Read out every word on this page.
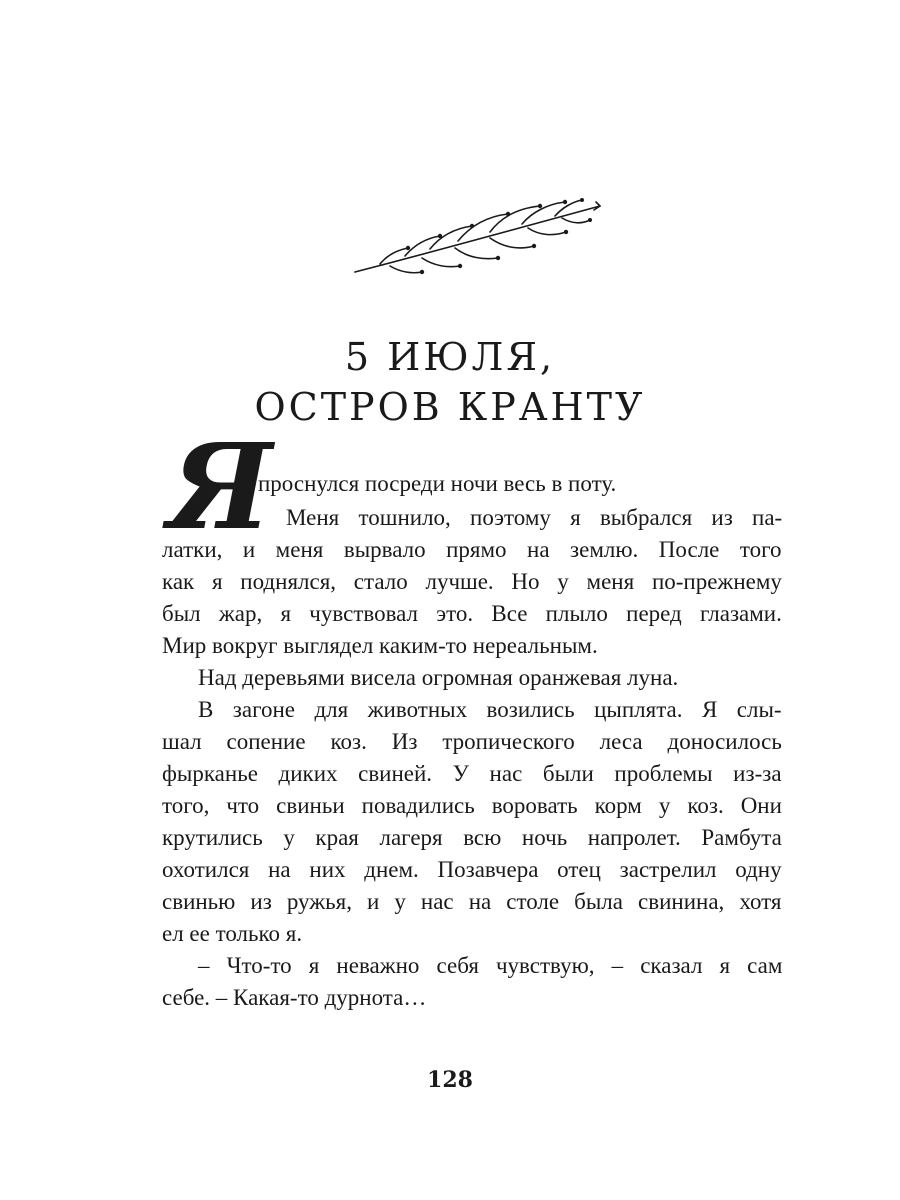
5 ИЮЛЯ,
ОСТРОВ КРАНТУ
Я
проснулся посреди ночи весь в поту.
Меня тошнило, поэтому я выбрался из па-
латки, и меня вырвало прямо на землю. После того
как я поднялся, стало лучше. Но у меня по-прежнему
был жар, я чувствовал это. Все плыло перед глазами.
Мир вокруг выглядел каким-то нереальным.
Над деревьями висела огромная оранжевая луна.
В загоне для животных возились цыплята. Я слы-
шал сопение коз. Из тропического леса доносилось
фырканье диких свиней. У нас были проблемы из-за
того, что свиньи повадились воровать корм у коз. Они
крутились у края лагеря всю ночь напролет. Рамбута
охотился на них днем. Позавчера отец застрелил одну
свинью из ружья, и у нас на столе была свинина, хотя
ел ее только я.
– Что-то я неважно себя чувствую, – сказал я сам
себе. – Какая-то дурнота…
128
